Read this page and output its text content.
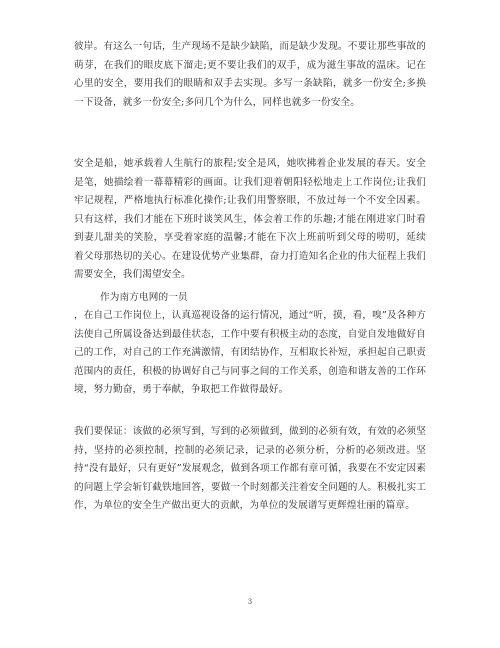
彼岸。有这么一句话，生产现场不是缺少缺陷，而是缺少发现。不要让那些事故的萌芽，在我们的眼皮底下溜走;更不要让我们的双手，成为滋生事故的温床。记在心里的安全，要用我们的眼睛和双手去实现。多写一条缺陷，就多一份安全;多换一下设备，就多一份安全;多问几个为什么，同样也就多一份安全。
安全是船，她承载着人生航行的旅程;安全是风，她吹拂着企业发展的春天。安全是笔，她描绘着一幕幕精彩的画面。让我们迎着朝阳轻松地走上工作岗位;让我们牢记规程，严格地执行标准化操作;让我们用警察眼，不放过每一个不安全因素。只有这样，我们才能在下班时谈笑风生，体会着工作的乐趣;才能在刚进家门时看到妻儿甜美的笑脸，享受着家庭的温馨;才能在下次上班前听到父母的唠叨，延续着父母那热切的关心。在建设优势产业集群，奋力打造知名企业的伟大征程上我们需要安全，我们渴望安全。
作为南方电网的一员
，在自己工作岗位上，认真巡视设备的运行情况，通过“听，摸，看，嗅”及各种方法使自己所属设备达到最佳状态，工作中要有积极主动的态度，自觉自发地做好自己的工作，对自己的工作充满激情，有团结协作，互相取长补短，承担起自己职责范围内的责任，积极的协调好自己与同事之间的工作关系，创造和谐友善的工作环境，努力勤奋，勇于奉献，争取把工作做得最好。
我们要保证：该做的必须写到，写到的必须做到，做到的必须有效，有效的必须坚持，坚持的必须控制，控制的必须记录，记录的必须分析，分析的必须改进。坚持“没有最好，只有更好”发展观念，做到各项工作都有章可循，我要在不安定因素的问题上学会斩钉截铁地回答，要做一个时刻都关注着安全问题的人。积极扎实工作，为单位的安全生产做出更大的贡献，为单位的发展谱写更辉煌壮丽的篇章。
3
